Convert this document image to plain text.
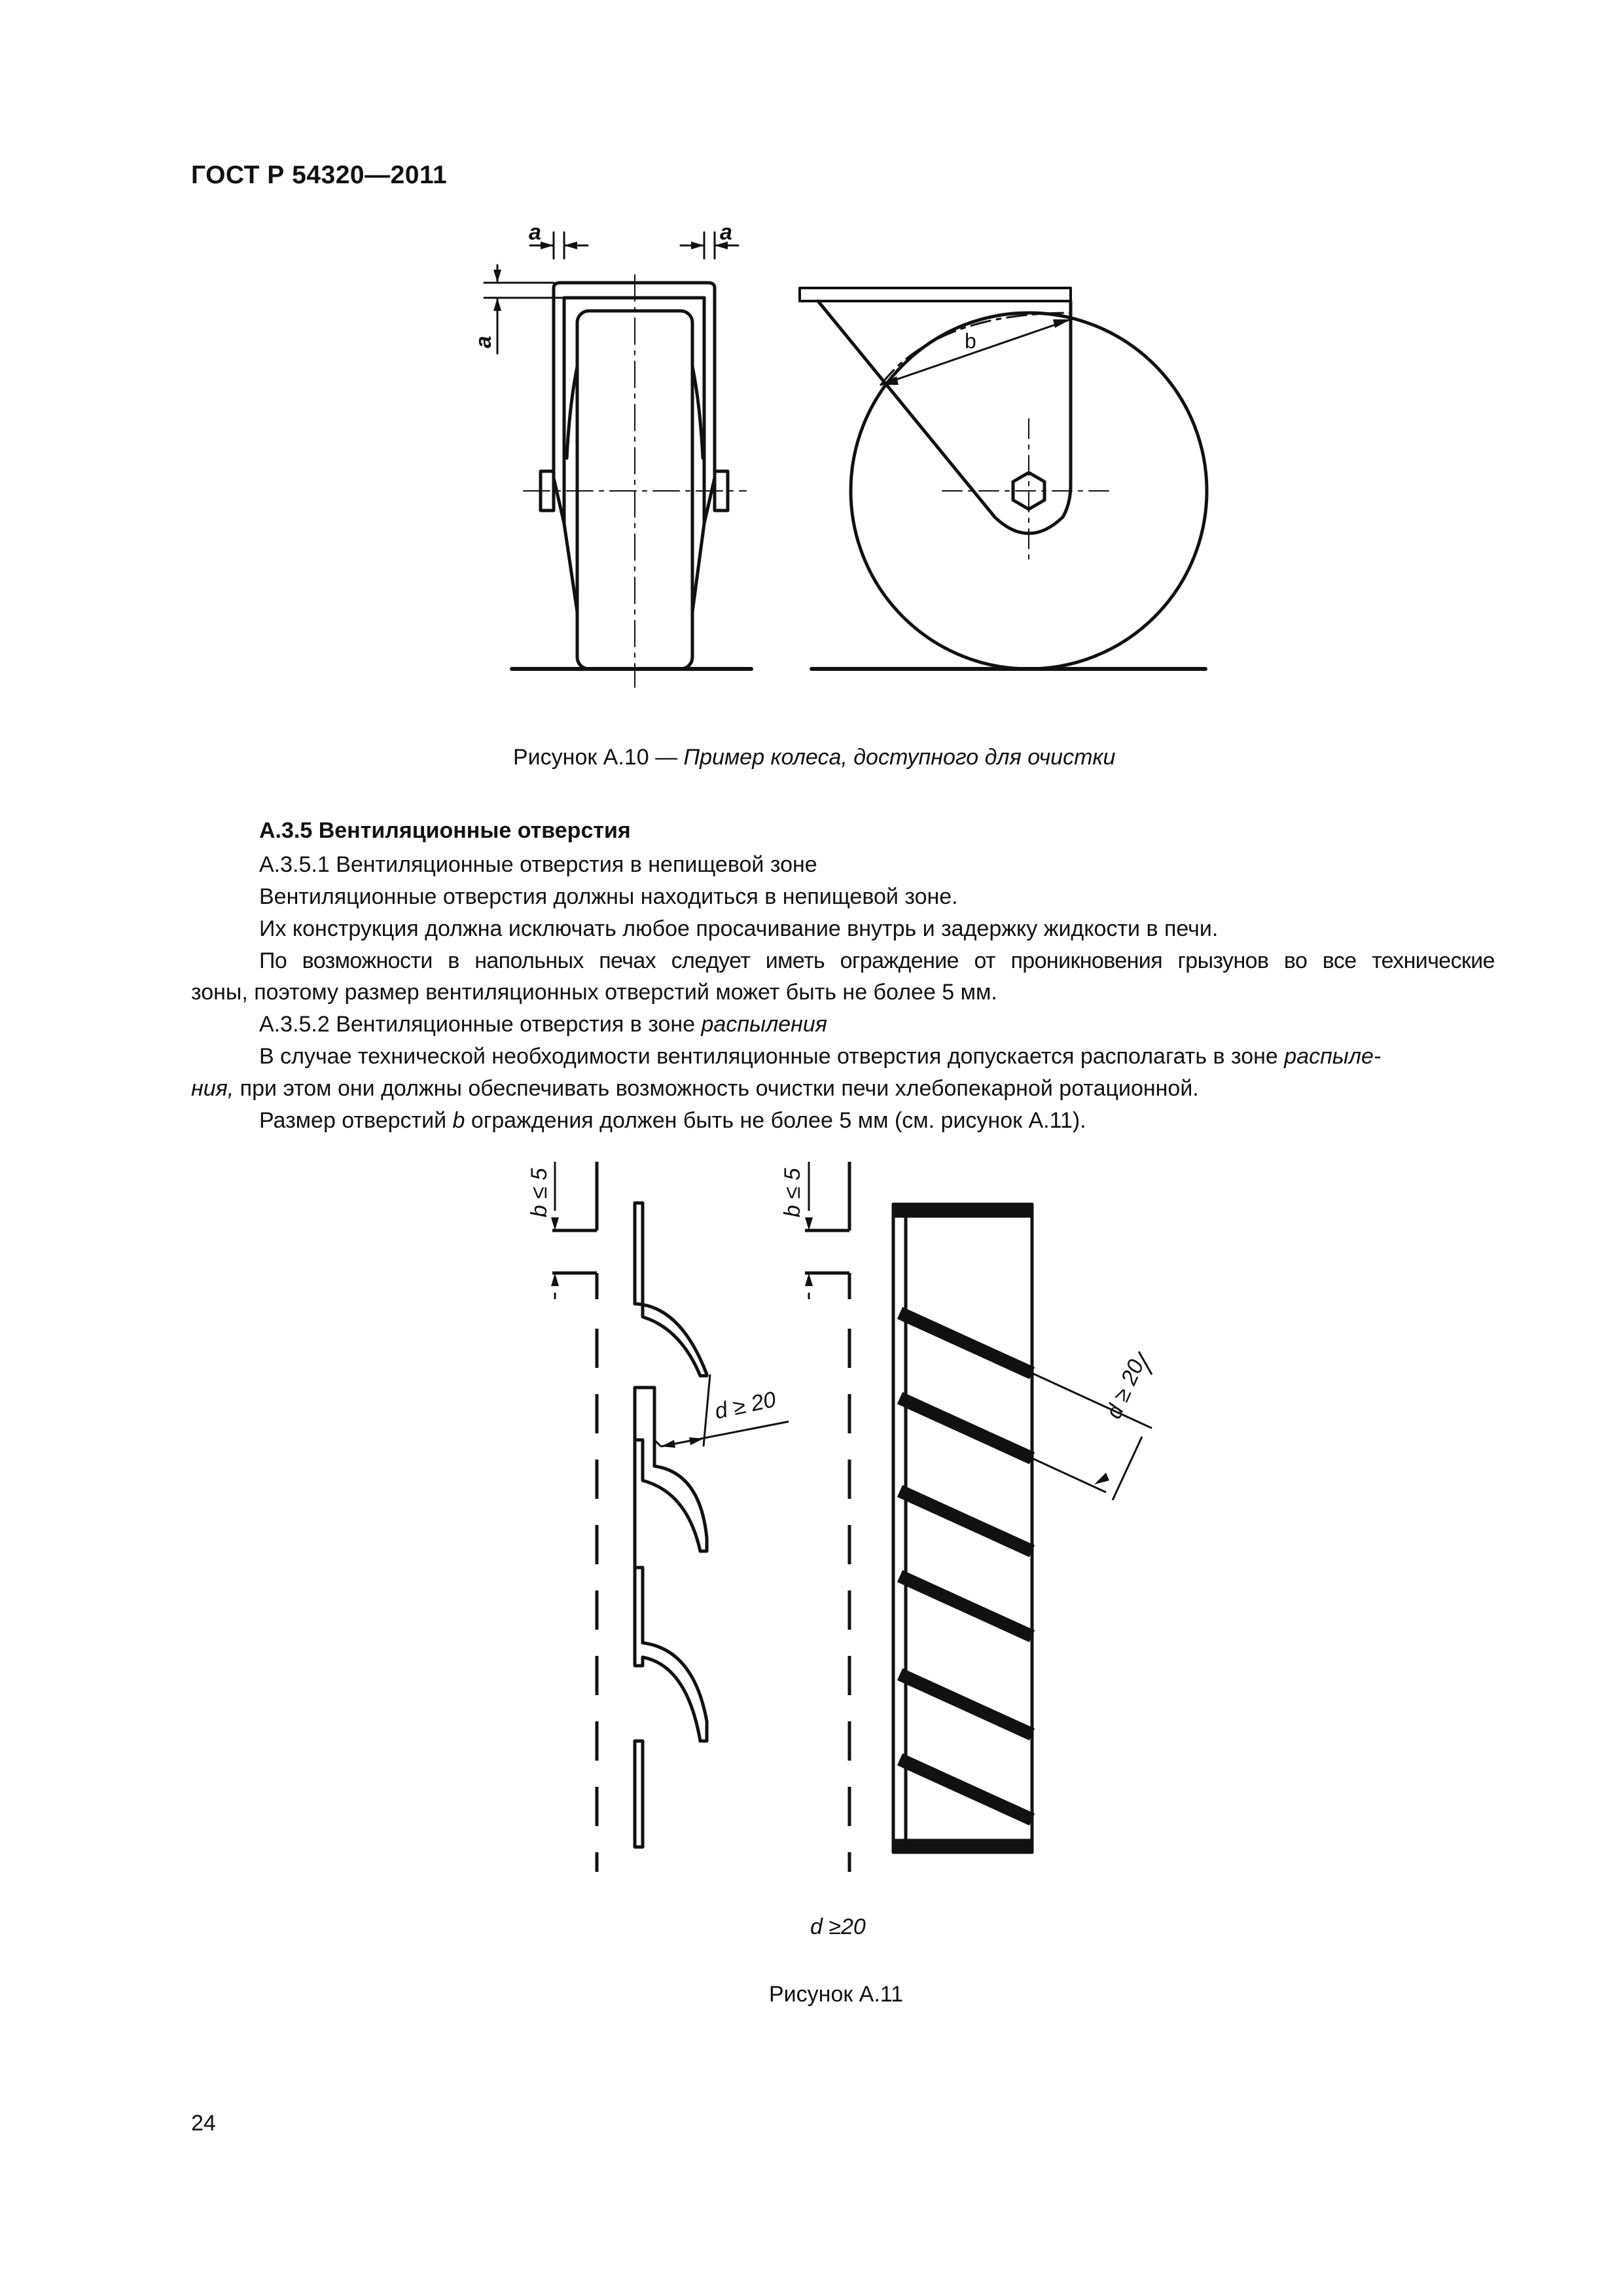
ГОСТ Р 54320—2011
a	a
a	b
Рисунок А.10 — Пример колеса, доступного для очистки
А.3.5 Вентиляционные отверстия
А.3.5.1 Вентиляционные отверстия в непищевой зоне
Вентиляционные отверстия должны находиться в непищевой зоне.
Их конструкция должна исключать любое просачивание внутрь и задержку жидкости в печи.
По возможности в напольных печах следует иметь ограждение от проникновения грызунов во все технические
зоны, поэтому размер вентиляционных отверстий может быть не более 5 мм.
А.3.5.2 Вентиляционные отверстия в зоне распыления
В случае технической необходимости вентиляционные отверстия допускается располагать в зоне распыле-
ния, при этом они должны обеспечивать возможность очистки печи хлебопекарной ротационной.
Размер отверстий b ограждения должен быть не более 5 мм (см. рисунок А.11).
b ≤ 5
d ≥ 20
b ≤ 5
d ≥ 20
d ≥20
Рисунок А.11
24
